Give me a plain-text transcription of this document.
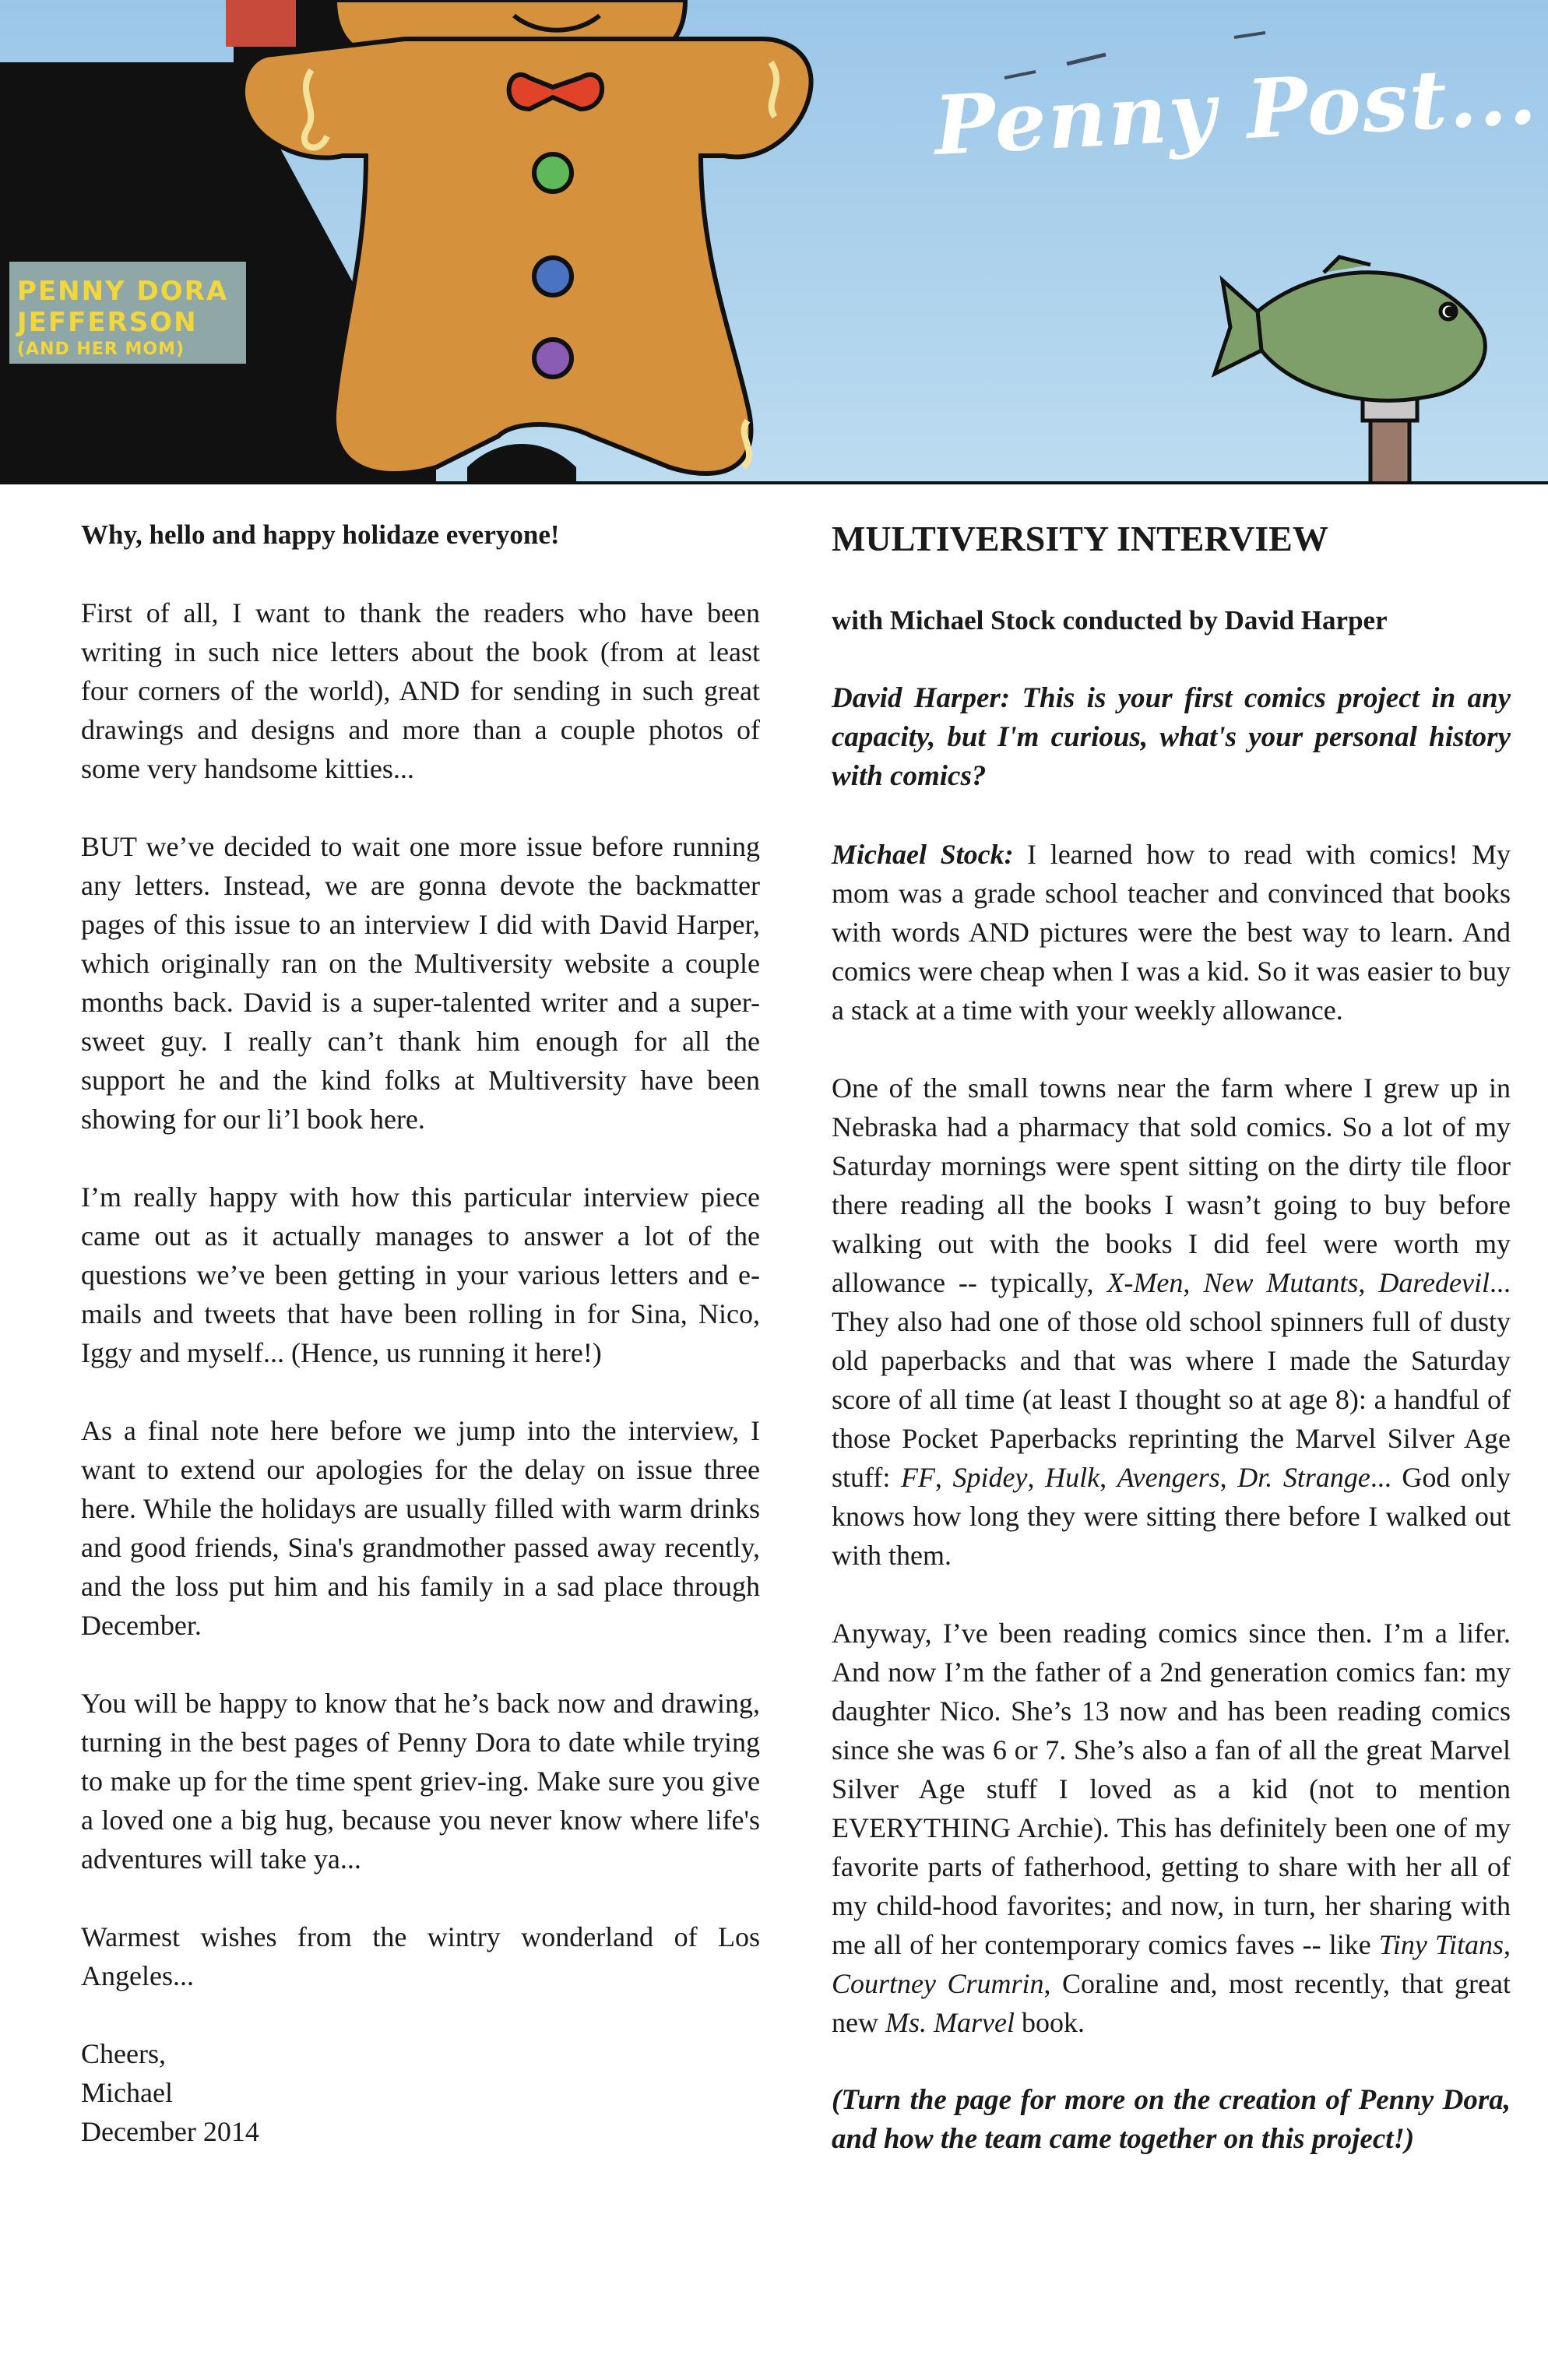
PENNY DORA
JEFFERSON
(AND HER MOM)
Penny Post...

Why, hello and happy holidaze everyone!

First of all, I want to thank the readers who have been writing in such nice letters about the book (from at least four corners of the world), AND for sending in such great drawings and designs and more than a couple photos of some very handsome kitties...

BUT we’ve decided to wait one more issue before running any letters. Instead, we are gonna devote the backmatter pages of this issue to an interview I did with David Harper, which originally ran on the Multiversity website a couple months back. David is a super-talented writer and a super-sweet guy. I really can’t thank him enough for all the support he and the kind folks at Multiversity have been showing for our li’l book here.

I’m really happy with how this particular interview piece came out as it actually manages to answer a lot of the questions we’ve been getting in your various letters and e-mails and tweets that have been rolling in for Sina, Nico, Iggy and myself... (Hence, us running it here!)

As a final note here before we jump into the interview, I want to extend our apologies for the delay on issue three here. While the holidays are usually filled with warm drinks and good friends, Sina's grandmother passed away recently, and the loss put him and his family in a sad place through December.

You will be happy to know that he’s back now and drawing, turning in the best pages of Penny Dora to date while trying to make up for the time spent griev-ing. Make sure you give a loved one a big hug, because you never know where life's adventures will take ya...

Warmest wishes from the wintry wonderland of Los Angeles...

Cheers,

Michael

December 2014

MULTIVERSITY INTERVIEW

with Michael Stock conducted by David Harper

David Harper: This is your first comics project in any capacity, but I'm curious, what's your personal history with comics?

Michael Stock: I learned how to read with comics! My mom was a grade school teacher and convinced that books with words AND pictures were the best way to learn. And comics were cheap when I was a kid. So it was easier to buy a stack at a time with your weekly allowance.

One of the small towns near the farm where I grew up in Nebraska had a pharmacy that sold comics. So a lot of my Saturday mornings were spent sitting on the dirty tile floor there reading all the books I wasn’t going to buy before walking out with the books I did feel were worth my allowance -- typically, X-Men, New Mutants, Daredevil... They also had one of those old school spinners full of dusty old paperbacks and that was where I made the Saturday score of all time (at least I thought so at age 8): a handful of those Pocket Paperbacks reprinting the Marvel Silver Age stuff: FF, Spidey, Hulk, Avengers, Dr. Strange... God only knows how long they were sitting there before I walked out with them.

Anyway, I’ve been reading comics since then. I’m a lifer. And now I’m the father of a 2nd generation comics fan: my daughter Nico. She’s 13 now and has been reading comics since she was 6 or 7. She’s also a fan of all the great Marvel Silver Age stuff I loved as a kid (not to mention EVERYTHING Archie). This has definitely been one of my favorite parts of fatherhood, getting to share with her all of my child-hood favorites; and now, in turn, her sharing with me all of her contemporary comics faves -- like Tiny Titans, Courtney Crumrin, Coraline and, most recently, that great new Ms. Marvel book.

(Turn the page for more on the creation of Penny Dora, and how the team came together on this project!)
